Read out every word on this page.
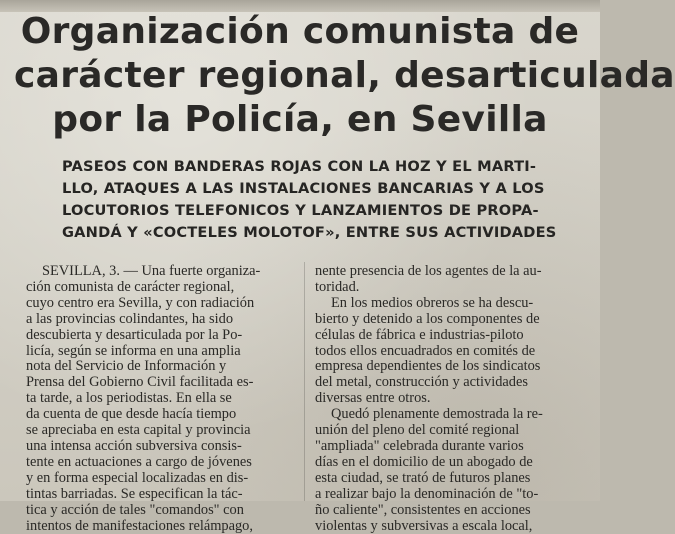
Organización comunista de
carácter regional, desarticulada
por la Policía, en Sevilla
PASEOS CON BANDERAS ROJAS CON LA HOZ Y EL MARTI-
LLO, ATAQUES A LAS INSTALACIONES BANCARIAS Y A LOS
LOCUTORIOS TELEFONICOS Y LANZAMIENTOS DE PROPA-
GANDÁ Y «COCTELES MOLOTOF», ENTRE SUS ACTIVIDADES
SEVILLA, 3. — Una fuerte organiza-
ción comunista de carácter regional,
cuyo centro era Sevilla, y con radiación
a las provincias colindantes, ha sido
descubierta y desarticulada por la Po-
licía, según se informa en una amplia
nota del Servicio de Información y
Prensa del Gobierno Civil facilitada es-
ta tarde, a los periodistas. En ella se
da cuenta de que desde hacía tiempo
se apreciaba en esta capital y provincia
una intensa acción subversiva consis-
tente en actuaciones a cargo de jóvenes
y en forma especial localizadas en dis-
tintas barriadas. Se especifican la tác-
tica y acción de tales "comandos" con
intentos de manifestaciones relámpago,
nente presencia de los agentes de la au-
toridad.
En los medios obreros se ha descu-
bierto y detenido a los componentes de
células de fábrica e industrias-piloto
todos ellos encuadrados en comités de
empresa dependientes de los sindicatos
del metal, construcción y actividades
diversas entre otros.
Quedó plenamente demostrada la re-
unión del pleno del comité regional
"ampliada" celebrada durante varios
días en el domicilio de un abogado de
esta ciudad, se trató de futuros planes
a realizar bajo la denominación de "to-
ño caliente", consistentes en acciones
violentas y subversivas a escala local,
